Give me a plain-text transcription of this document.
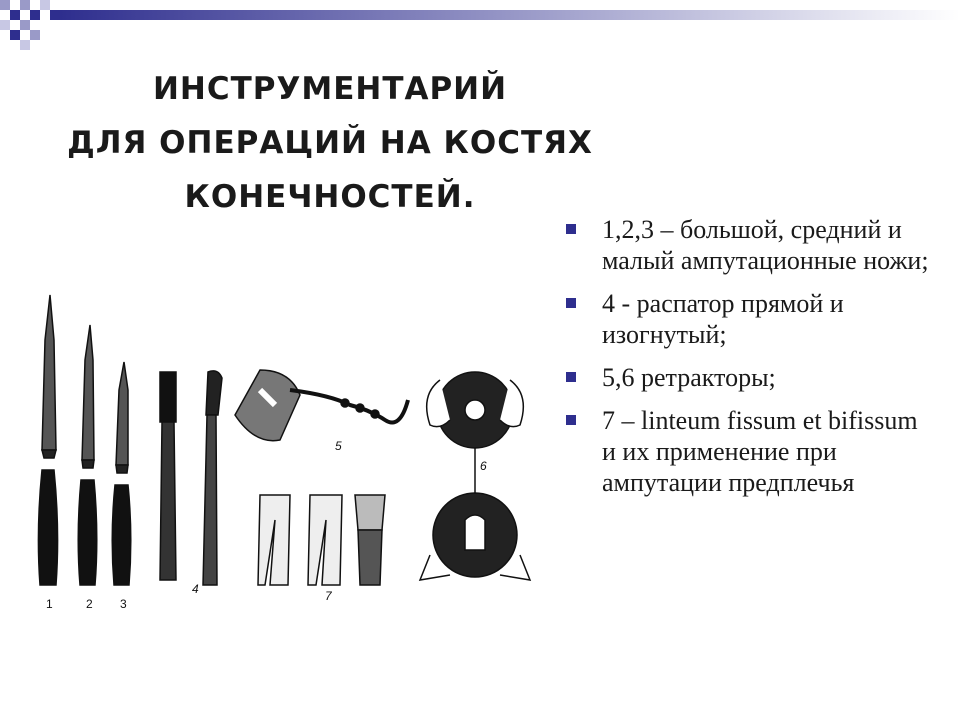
ИНСТРУМЕНТАРИЙ
ДЛЯ ОПЕРАЦИЙ НА КОСТЯХ
КОНЕЧНОСТЕЙ.
1,2,3 – большой, средний и малый ампутационные ножи;
4 - распатор прямой и изогнутый;
5,6 ретракторы;
7 – linteum fissum et bifissum и их применение при ампутации предплечья
1	2 3
4
5
6
7
